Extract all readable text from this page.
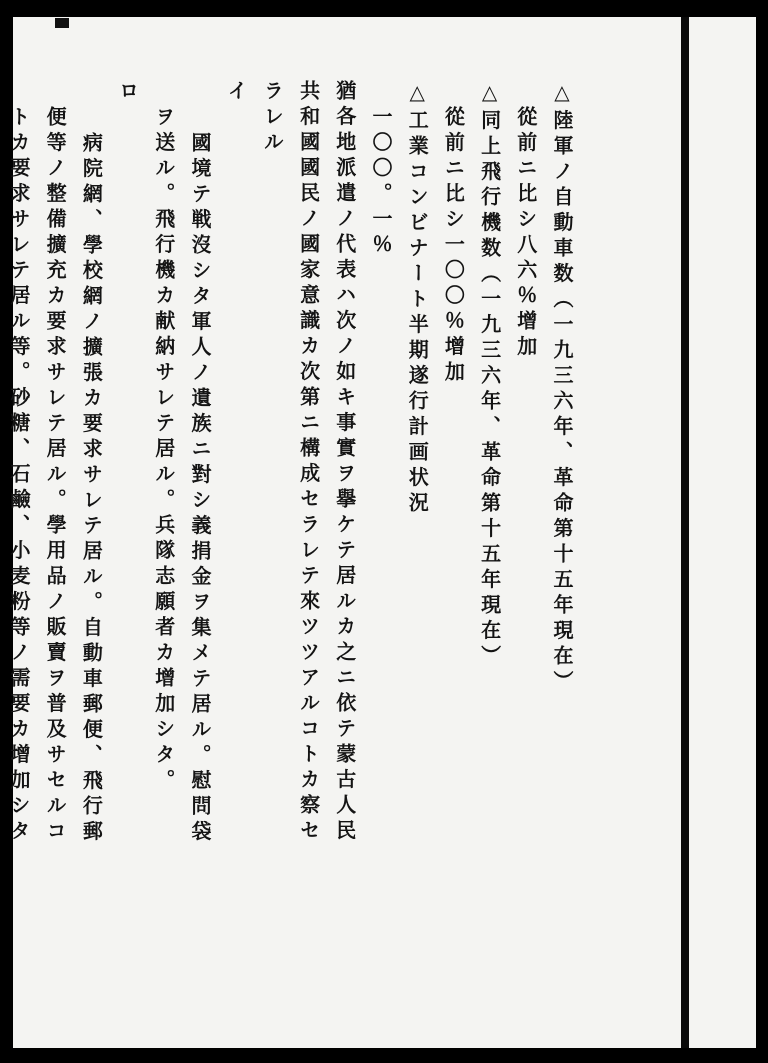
△陸軍ノ自動車数（一九三六年、革命第十五年現在）

從前ニ比シ八六％增加

△同上飛行機数（一九三六年、革命第十五年現在）

從前ニ比シ一〇〇％增加

△工業コンビナート半期遂行計画状況

一〇〇。一％

猶各地派遣ノ代表ハ次ノ如キ事實ヲ擧ケテ居ルカ之ニ依テ蒙古人民

共和國國民ノ國家意識カ次第ニ構成セラレテ來ツツアルコトカ察セ

ラレル

イ

國境テ戦沒シタ軍人ノ遺族ニ對シ義捐金ヲ集メテ居ル。慰問袋

ヲ送ル。飛行機カ献納サレテ居ル。兵隊志願者カ增加シタ。

ロ

病院網、學校網ノ擴張カ要求サレテ居ル。自動車郵便、飛行郵

便等ノ整備擴充カ要求サレテ居ル。學用品ノ販賣ヲ普及サセルコ

トカ要求サレテ居ル等。砂糖、石鹼、小麦粉等ノ需要カ增加シタ
